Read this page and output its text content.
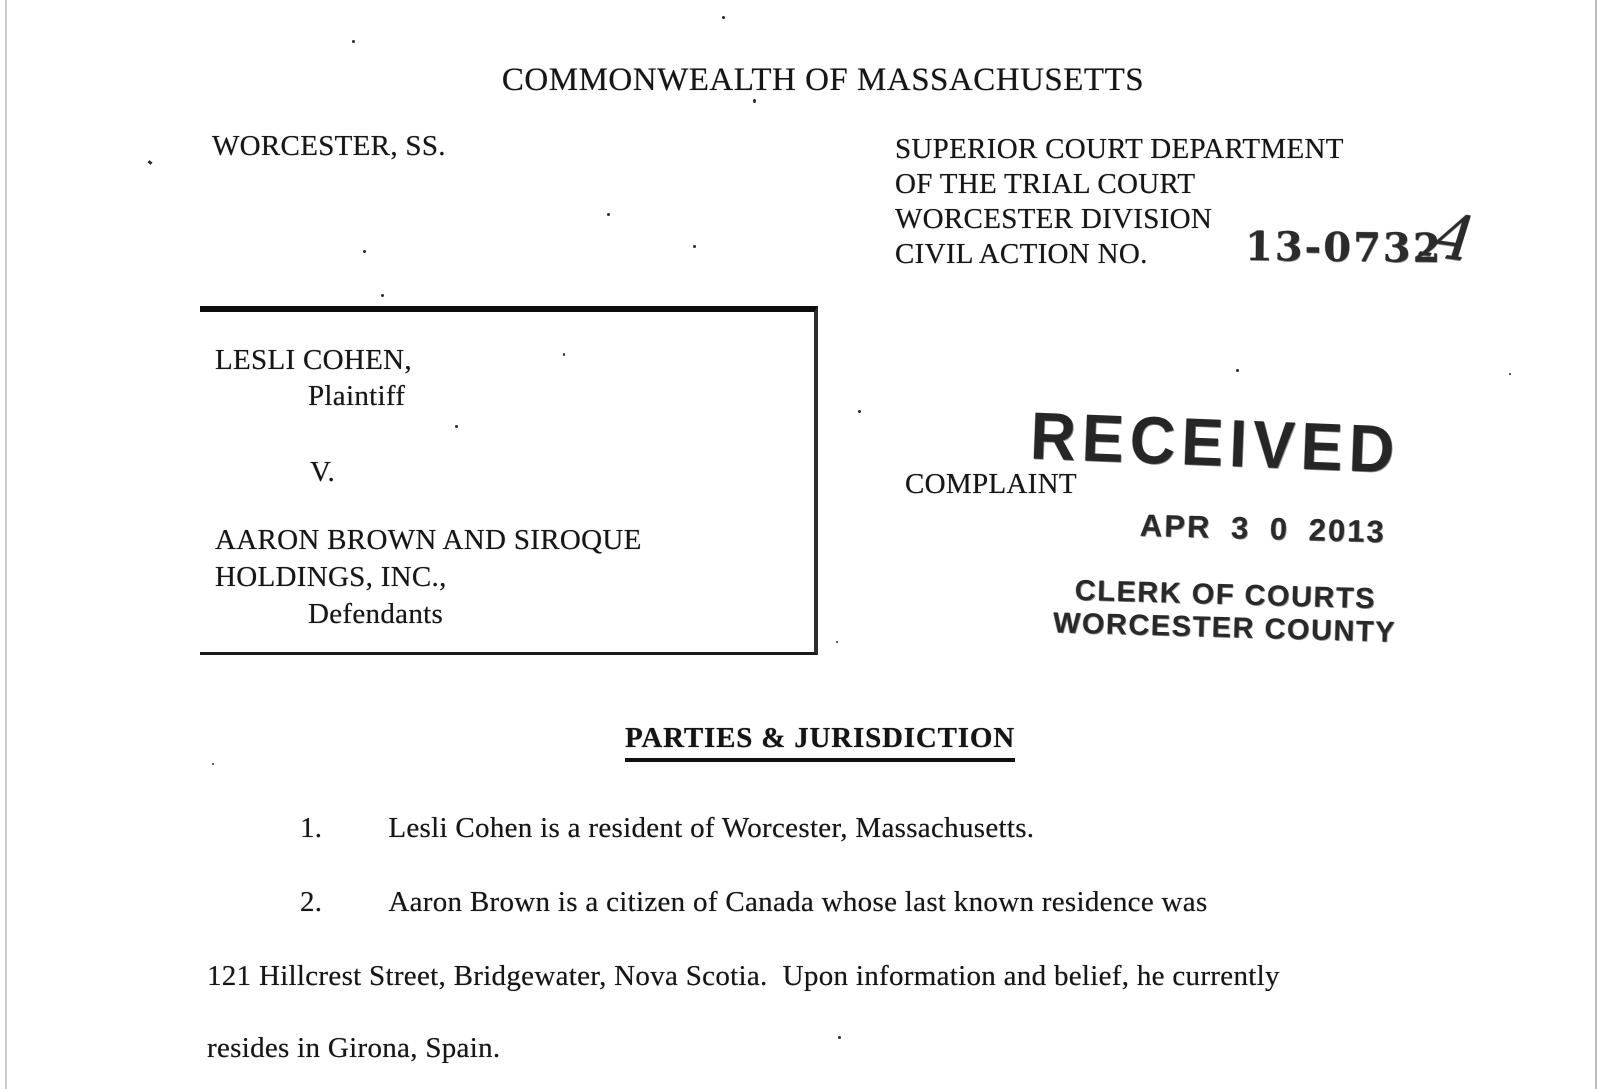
COMMONWEALTH OF MASSACHUSETTS
WORCESTER, SS.	SUPERIOR COURT DEPARTMENT
OF THE TRIAL COURT
WORCESTER DIVISION
CIVIL ACTION NO.	13-0732
A
LESLI COHEN,
Plaintiff
V.
AARON BROWN AND SIROQUE
HOLDINGS, INC.,
Defendants
COMPLAINT
RECEIVED
APR 3 0 2013
CLERK OF COURTS
WORCESTER COUNTY
PARTIES & JURISDICTION
1. Lesli Cohen is a resident of Worcester, Massachusetts.
2. Aaron Brown is a citizen of Canada whose last known residence was
121 Hillcrest Street, Bridgewater, Nova Scotia.  Upon information and belief, he currently
resides in Girona, Spain.
